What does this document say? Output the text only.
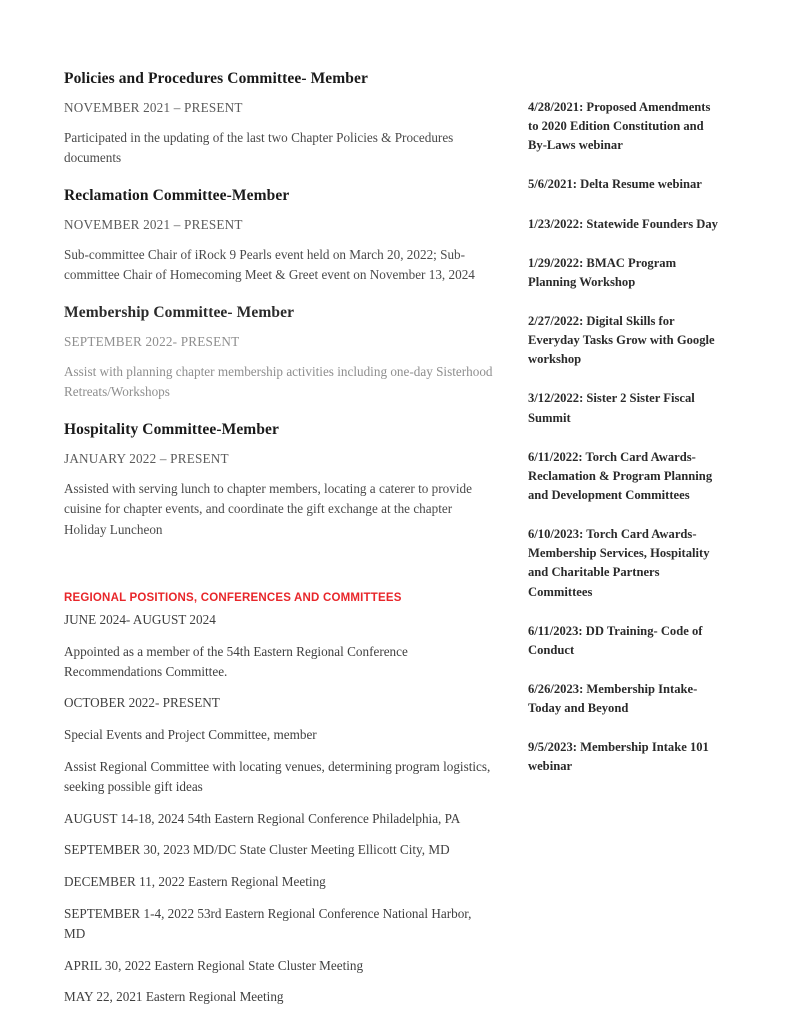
Policies and Procedures Committee- Member

NOVEMBER 2021 – PRESENT

Participated in the updating of the last two Chapter Policies & Procedures documents

Reclamation Committee-Member

NOVEMBER 2021 – PRESENT

Sub-committee Chair of iRock 9 Pearls event held on March 20, 2022; Sub-committee Chair of Homecoming Meet & Greet event on November 13, 2024

Membership Committee- Member

SEPTEMBER 2022- PRESENT

Assist with planning chapter membership activities including one-day Sisterhood Retreats/Workshops

Hospitality Committee-Member

JANUARY 2022 – PRESENT

Assisted with serving lunch to chapter members, locating a caterer to provide cuisine for chapter events, and coordinate the gift exchange at the chapter Holiday Luncheon

REGIONAL POSITIONS, CONFERENCES AND COMMITTEES

JUNE 2024- AUGUST 2024
Appointed as a member of the 54th Eastern Regional Conference Recommendations Committee.
OCTOBER 2022- PRESENT
Special Events and Project Committee, member
Assist Regional Committee with locating venues, determining program logistics, seeking possible gift ideas
AUGUST 14-18, 2024 54th Eastern Regional Conference Philadelphia, PA
SEPTEMBER 30, 2023 MD/DC State Cluster Meeting Ellicott City, MD
DECEMBER 11, 2022 Eastern Regional Meeting
SEPTEMBER 1-4, 2022 53rd Eastern Regional Conference National Harbor, MD
APRIL 30, 2022 Eastern Regional State Cluster Meeting
MAY 22, 2021 Eastern Regional Meeting
4/28/2021: Proposed Amendments to 2020 Edition Constitution and By-Laws webinar
5/6/2021: Delta Resume webinar
1/23/2022: Statewide Founders Day
1/29/2022: BMAC Program Planning Workshop
2/27/2022: Digital Skills for Everyday Tasks Grow with Google workshop
3/12/2022: Sister 2 Sister Fiscal Summit
6/11/2022: Torch Card Awards- Reclamation & Program Planning and Development Committees
6/10/2023: Torch Card Awards- Membership Services, Hospitality and Charitable Partners Committees
6/11/2023: DD Training- Code of Conduct
6/26/2023: Membership Intake- Today and Beyond
9/5/2023: Membership Intake 101 webinar
